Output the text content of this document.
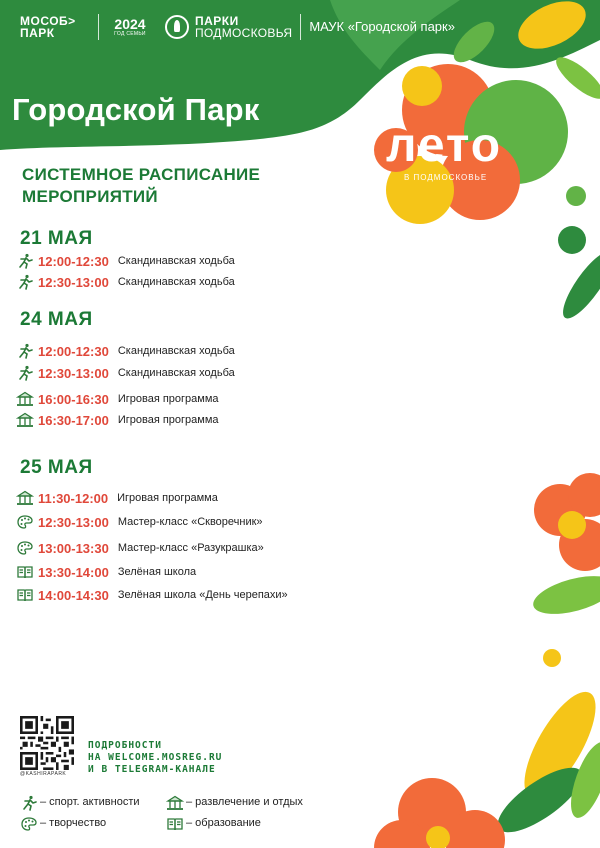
МОСОБ>
ПАРК
2024
ГОД СЕМЬИ
ПАРКИ
ПОДМОСКОВЬЯ МАУК «Городской парк»
Городской Парк
лето
В ПОДМОСКОВЬЕ
СИСТЕМНОЕ РАСПИСАНИЕ
МЕРОПРИЯТИЙ
21 МАЯ
12:00-12:30 Скандинавская ходьба
12:30-13:00 Скандинавская ходьба
24 МАЯ
12:00-12:30 Скандинавская ходьба
12:30-13:00 Скандинавская ходьба
16:00-16:30 Игровая программа
16:30-17:00 Игровая программа
25 МАЯ
11:30-12:00 Игровая программа
12:30-13:00 Мастер-класс «Скворечник»
13:00-13:30 Мастер-класс «Разукрашка»
13:30-14:00 Зелёная школа
14:00-14:30 Зелёная школа «День черепахи»
@KASHIRAPARK
ПОДРОБНОСТИ
НА WELCOME.MOSREG.RU
И В TELEGRAM-КАНАЛЕ
– спорт. активности	– развлечение и отдых
– творчество	– образование
